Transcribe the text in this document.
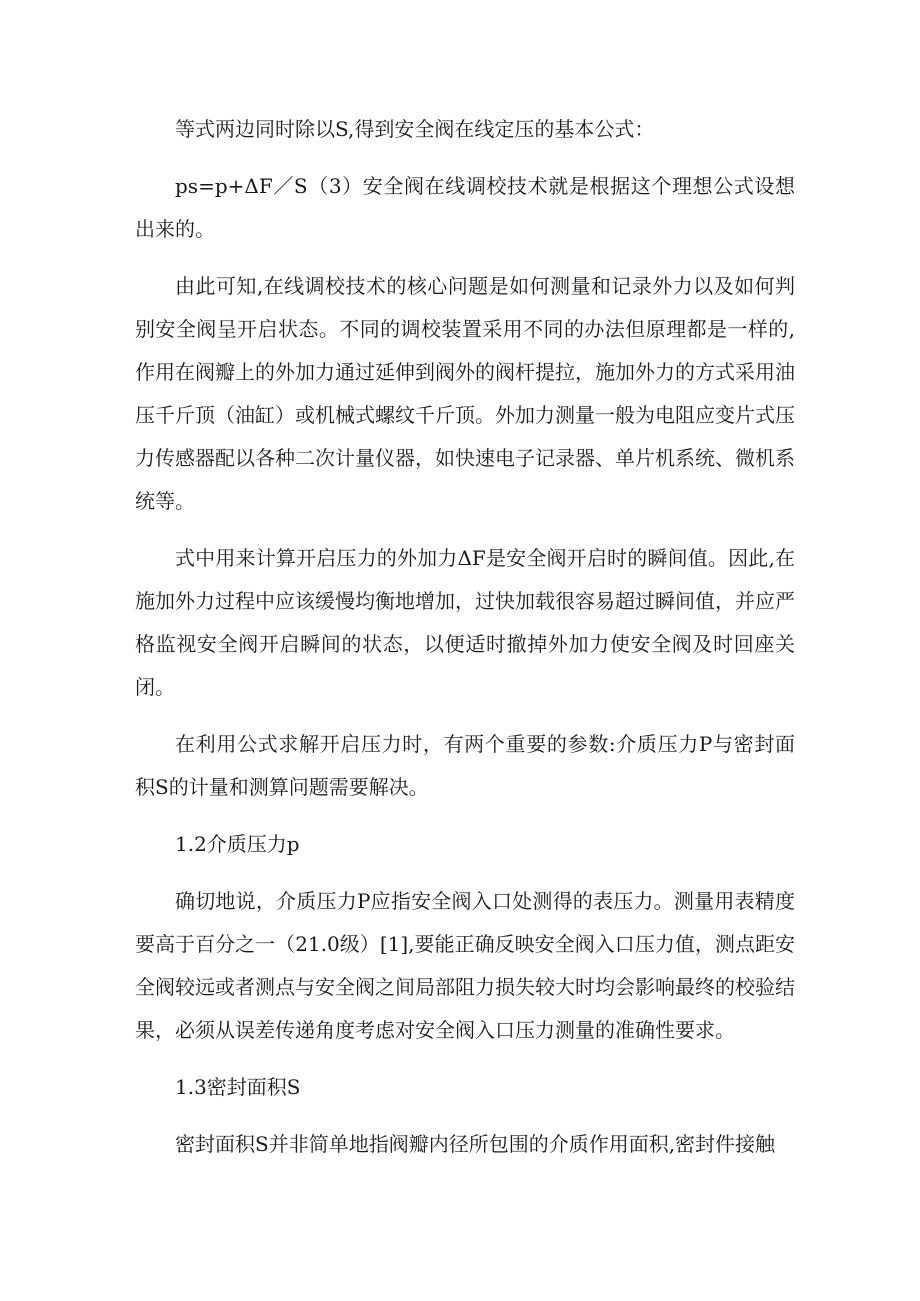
等式两边同时除以S,得到安全阀在线定压的基本公式：

ps=p+ΔF／S（3）安全阀在线调校技术就是根据这个理想公式设想出来的。

由此可知,在线调校技术的核心问题是如何测量和记录外力以及如何判别安全阀呈开启状态。不同的调校装置采用不同的办法但原理都是一样的,作用在阀瓣上的外加力通过延伸到阀外的阀杆提拉，施加外力的方式采用油压千斤顶（油缸）或机械式螺纹千斤顶。外加力测量一般为电阻应变片式压力传感器配以各种二次计量仪器，如快速电子记录器、单片机系统、微机系统等。

式中用来计算开启压力的外加力ΔF是安全阀开启时的瞬间值。因此,在施加外力过程中应该缓慢均衡地增加，过快加载很容易超过瞬间值，并应严格监视安全阀开启瞬间的状态，以便适时撤掉外加力使安全阀及时回座关闭。

在利用公式求解开启压力时，有两个重要的参数:介质压力P与密封面积S的计量和测算问题需要解决。

1.2介质压力p

确切地说，介质压力P应指安全阀入口处测得的表压力。测量用表精度要高于百分之一（21.0级）[1],要能正确反映安全阀入口压力值，测点距安全阀较远或者测点与安全阀之间局部阻力损失较大时均会影响最终的校验结果，必须从误差传递角度考虑对安全阀入口压力测量的准确性要求。

1.3密封面积S

密封面积S并非简单地指阀瓣内径所包围的介质作用面积,密封件接触
